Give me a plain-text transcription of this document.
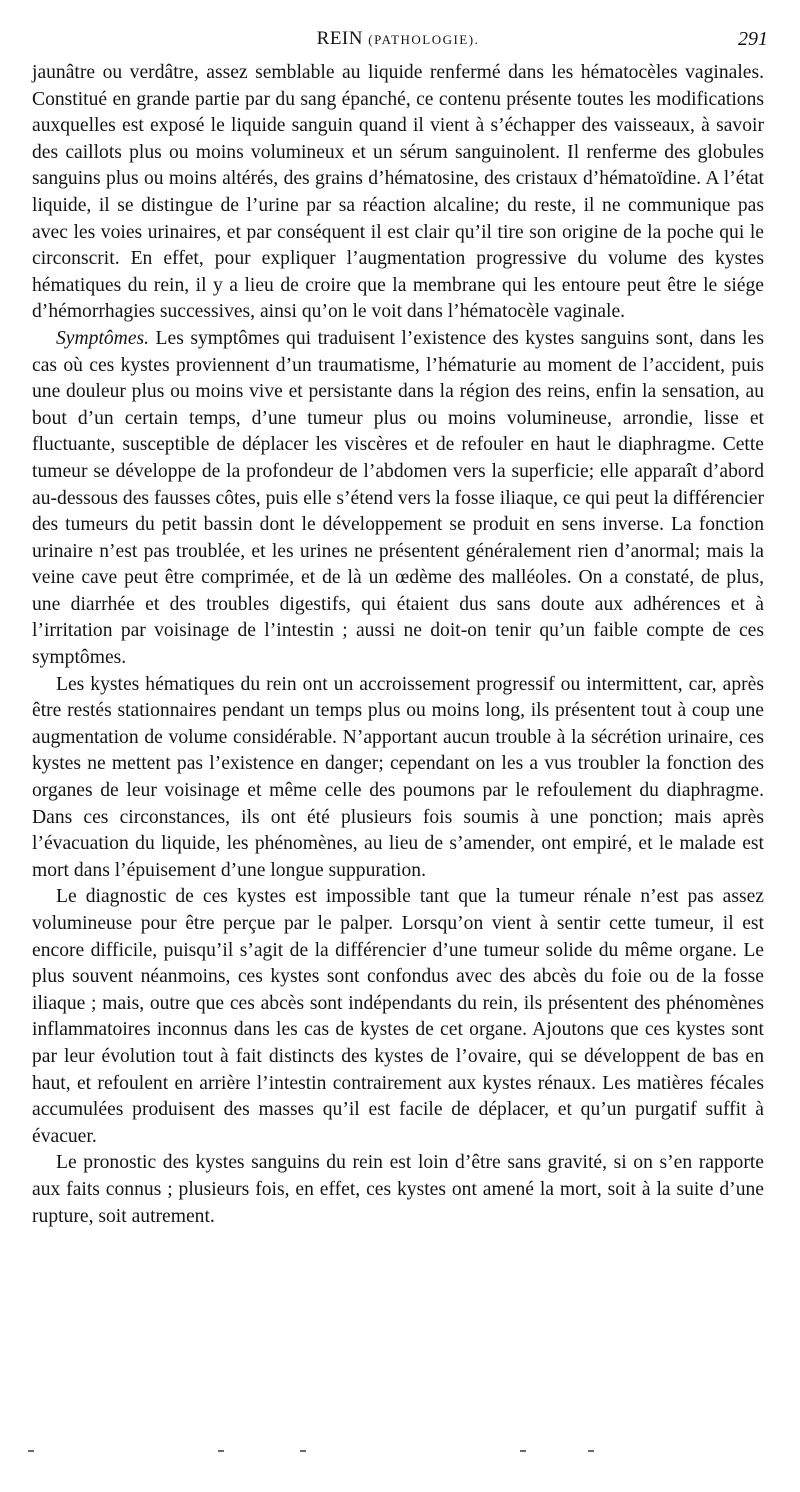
REIN (PATHOLOGIE).	291

jaunâtre ou verdâtre, assez semblable au liquide renfermé dans les hématocèles vaginales. Constitué en grande partie par du sang épanché, ce contenu présente toutes les modifications auxquelles est exposé le liquide sanguin quand il vient à s’échapper des vaisseaux, à savoir des caillots plus ou moins volumineux et un sérum sanguinolent. Il renferme des globules sanguins plus ou moins altérés, des grains d’hématosine, des cristaux d’hématoïdine. A l’état liquide, il se distingue de l’urine par sa réaction alcaline; du reste, il ne communique pas avec les voies urinaires, et par conséquent il est clair qu’il tire son origine de la poche qui le circonscrit. En effet, pour expliquer l’augmentation progressive du volume des kystes hématiques du rein, il y a lieu de croire que la membrane qui les entoure peut être le siége d’hémorrhagies successives, ainsi qu’on le voit dans l’hématocèle vaginale.

Symptômes. Les symptômes qui traduisent l’existence des kystes sanguins sont, dans les cas où ces kystes proviennent d’un traumatisme, l’hématurie au moment de l’accident, puis une douleur plus ou moins vive et persistante dans la région des reins, enfin la sensation, au bout d’un certain temps, d’une tumeur plus ou moins volumineuse, arrondie, lisse et fluctuante, susceptible de déplacer les viscères et de refouler en haut le diaphragme. Cette tumeur se développe de la profondeur de l’abdomen vers la superficie; elle apparaît d’abord au-dessous des fausses côtes, puis elle s’étend vers la fosse iliaque, ce qui peut la différencier des tumeurs du petit bassin dont le développement se produit en sens inverse. La fonction urinaire n’est pas troublée, et les urines ne présentent généralement rien d’anormal; mais la veine cave peut être comprimée, et de là un œdème des malléoles. On a constaté, de plus, une diarrhée et des troubles digestifs, qui étaient dus sans doute aux adhérences et à l’irritation par voisinage de l’intestin ; aussi ne doit-on tenir qu’un faible compte de ces symptômes.

Les kystes hématiques du rein ont un accroissement progressif ou intermittent, car, après être restés stationnaires pendant un temps plus ou moins long, ils présentent tout à coup une augmentation de volume considérable. N’apportant aucun trouble à la sécrétion urinaire, ces kystes ne mettent pas l’existence en danger; cependant on les a vus troubler la fonction des organes de leur voisinage et même celle des poumons par le refoulement du diaphragme. Dans ces circonstances, ils ont été plusieurs fois soumis à une ponction; mais après l’évacuation du liquide, les phénomènes, au lieu de s’amender, ont empiré, et le malade est mort dans l’épuisement d’une longue suppuration.

Le diagnostic de ces kystes est impossible tant que la tumeur rénale n’est pas assez volumineuse pour être perçue par le palper. Lorsqu’on vient à sentir cette tumeur, il est encore difficile, puisqu’il s’agit de la différencier d’une tumeur solide du même organe. Le plus souvent néanmoins, ces kystes sont confondus avec des abcès du foie ou de la fosse iliaque ; mais, outre que ces abcès sont indépendants du rein, ils présentent des phénomènes inflammatoires inconnus dans les cas de kystes de cet organe. Ajoutons que ces kystes sont par leur évolution tout à fait distincts des kystes de l’ovaire, qui se développent de bas en haut, et refoulent en arrière l’intestin contrairement aux kystes rénaux. Les matières fécales accumulées produisent des masses qu’il est facile de déplacer, et qu’un purgatif suffit à évacuer.

Le pronostic des kystes sanguins du rein est loin d’être sans gravité, si on s’en rapporte aux faits connus ; plusieurs fois, en effet, ces kystes ont amené la mort, soit à la suite d’une rupture, soit autrement.
